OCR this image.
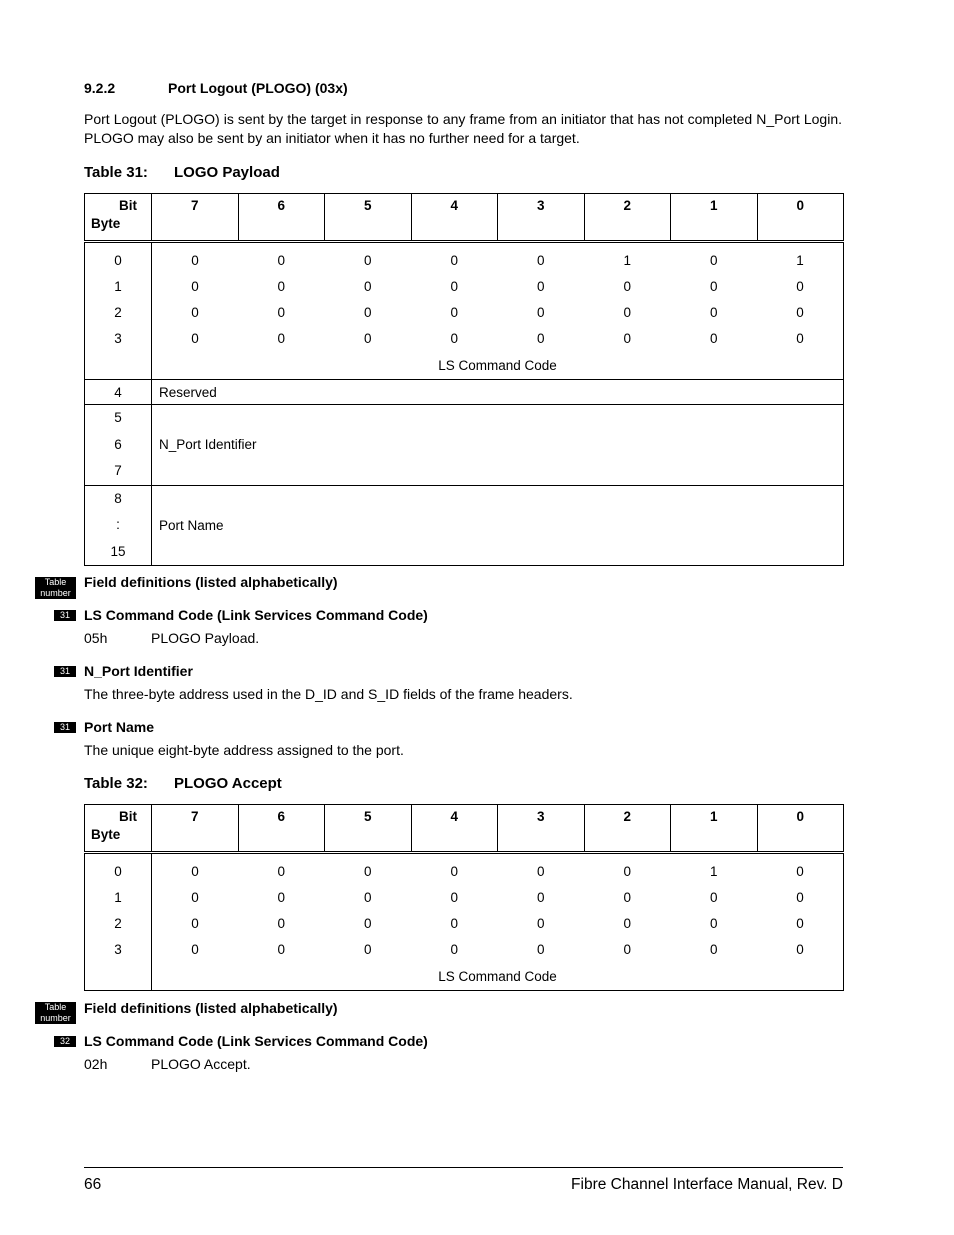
9.2.2	Port Logout (PLOGO) (03x)
Port Logout (PLOGO) is sent by the target in response to any frame from an initiator that has not completed N_Port Login. PLOGO may also be sent by an initiator when it has no further need for a target.
Table 31: LOGO Payload
Bit
Byte	7	6	5	4	3	2	1	0
0	0	0	0	0	0	1	0	1
1	0	0	0	0	0	0	0	0
2	0	0	0	0	0	0	0	0
3	0	0	0	0	0	0	0	0
	LS Command Code							
4	Reserved							

5
6
7	N_Port Identifier							

8
:
15	Port Name							
Table
number
Field definitions (listed alphabetically)
31	LS Command Code (Link Services Command Code)
05h	PLOGO Payload.
31	N_Port Identifier
The three-byte address used in the D_ID and S_ID fields of the frame headers.
31	Port Name
The unique eight-byte address assigned to the port.
Table 32: PLOGO Accept
Bit
Byte	7	6	5	4	3	2	1	0
0	0	0	0	0	0	0	1	0
1	0	0	0	0	0	0	0	0
2	0	0	0	0	0	0	0	0
3	0	0	0	0	0	0	0	0
	LS Command Code							
Table
number
Field definitions (listed alphabetically)
32	LS Command Code (Link Services Command Code)
02h	PLOGO Accept.
66	Fibre Channel Interface Manual, Rev. D
